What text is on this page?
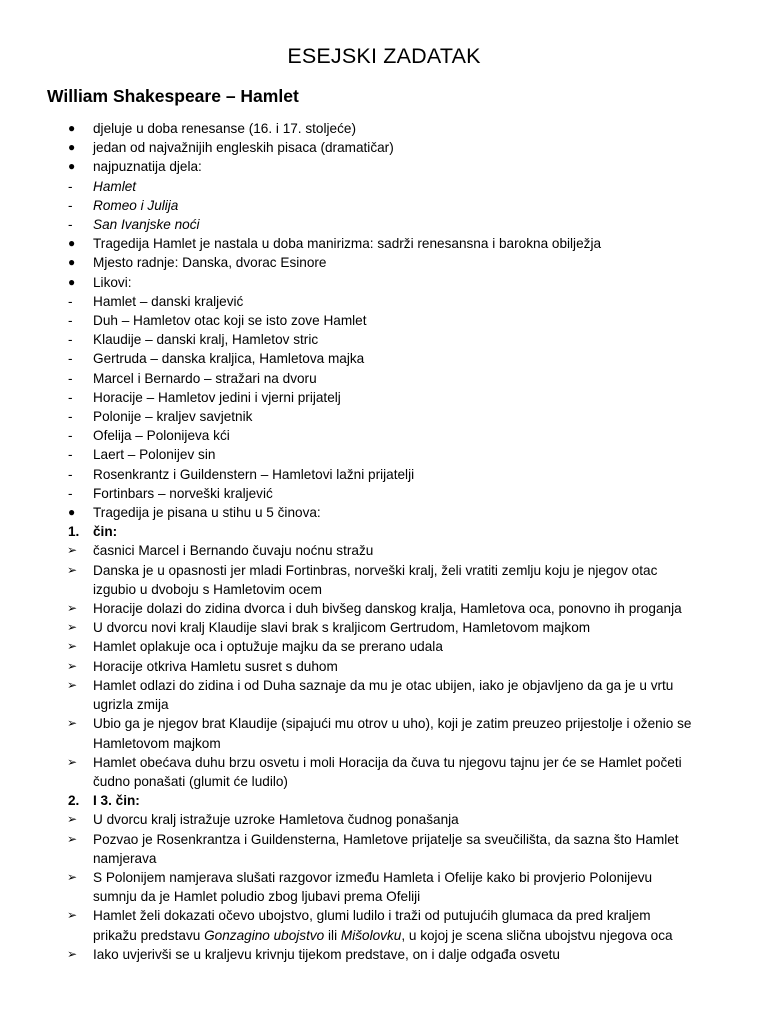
ESEJSKI ZADATAK
William Shakespeare – Hamlet
● djeluje u doba renesanse (16. i 17. stoljeće)
● jedan od najvažnijih engleskih pisaca (dramatičar)
● najpuznatija djela:
- Hamlet
- Romeo i Julija
- San Ivanjske noći
● Tragedija Hamlet je nastala u doba manirizma: sadrži renesansna i barokna obilježja
● Mjesto radnje: Danska, dvorac Esinore
● Likovi:
- Hamlet – danski kraljević
- Duh – Hamletov otac koji se isto zove Hamlet
- Klaudije – danski kralj, Hamletov stric
- Gertruda – danska kraljica, Hamletova majka
- Marcel i Bernardo – stražari na dvoru
- Horacije – Hamletov jedini i vjerni prijatelj
- Polonije – kraljev savjetnik
- Ofelija – Polonijeva kći
- Laert – Polonijev sin
- Rosenkrantz i Guildenstern – Hamletovi lažni prijatelji
- Fortinbars – norveški kraljević
● Tragedija je pisana u stihu u 5 činova:
1. čin:
➢ časnici Marcel i Bernando čuvaju noćnu stražu
➢ Danska je u opasnosti jer mladi Fortinbras, norveški kralj, želi vratiti zemlju koju je njegov otac
izgubio u dvoboju s Hamletovim ocem
➢ Horacije dolazi do zidina dvorca i duh bivšeg danskog kralja, Hamletova oca, ponovno ih proganja
➢ U dvorcu novi kralj Klaudije slavi brak s kraljicom Gertrudom, Hamletovom majkom
➢ Hamlet oplakuje oca i optužuje majku da se prerano udala
➢ Horacije otkriva Hamletu susret s duhom
➢ Hamlet odlazi do zidina i od Duha saznaje da mu je otac ubijen, iako je objavljeno da ga je u vrtu
ugrizla zmija
➢ Ubio ga je njegov brat Klaudije (sipajući mu otrov u uho), koji je zatim preuzeo prijestolje i oženio se
Hamletovom majkom
➢ Hamlet obećava duhu brzu osvetu i moli Horacija da čuva tu njegovu tajnu jer će se Hamlet početi
čudno ponašati (glumit će ludilo)
2. I 3. čin:
➢ U dvorcu kralj istražuje uzroke Hamletova čudnog ponašanja
➢ Pozvao je Rosenkrantza i Guildensterna, Hamletove prijatelje sa sveučilišta, da sazna što Hamlet
namjerava
➢ S Polonijem namjerava slušati razgovor između Hamleta i Ofelije kako bi provjerio Polonijevu
sumnju da je Hamlet poludio zbog ljubavi prema Ofeliji
➢ Hamlet želi dokazati očevo ubojstvo, glumi ludilo i traži od putujućih glumaca da pred kraljem
prikažu predstavu Gonzagino ubojstvo ili Mišolovku, u kojoj je scena slična ubojstvu njegova oca
➢ Iako uvjerivši se u kraljevu krivnju tijekom predstave, on i dalje odgađa osvetu
